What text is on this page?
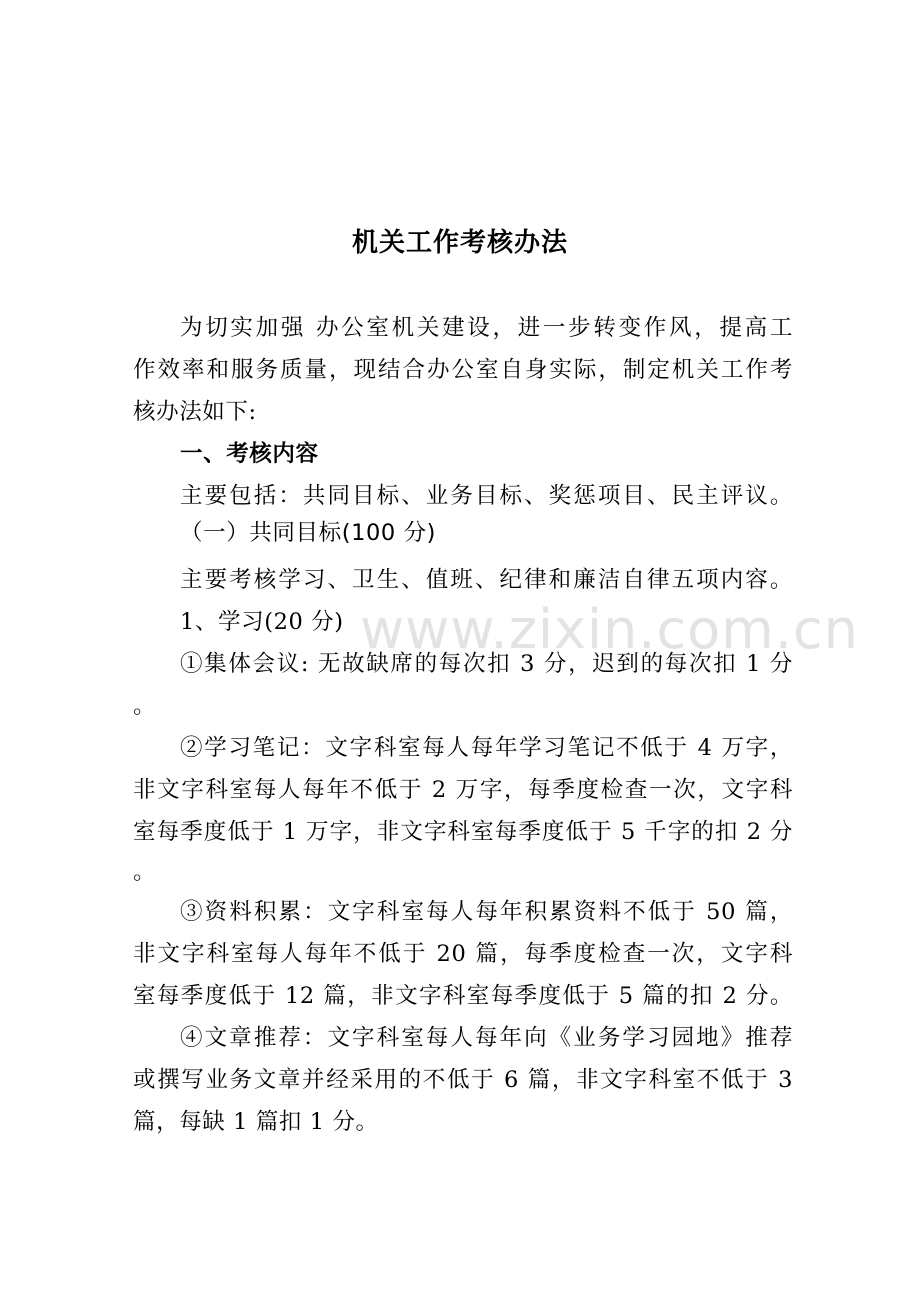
www.zixin.com.cn
机关工作考核办法
为切实加强 办公室机关建设，进一步转变作风，提高工
作效率和服务质量，现结合办公室自身实际，制定机关工作考
核办法如下:
一、考核内容
主要包括：共同目标、业务目标、奖惩项目、民主评议。
（一）共同目标(100 分)
主要考核学习、卫生、值班、纪律和廉洁自律五项内容。
1、学习(20 分)
①集体会议: 无故缺席的每次扣 3 分，迟到的每次扣 1 分
。
②学习笔记：文字科室每人每年学习笔记不低于 4 万字，
非文字科室每人每年不低于 2 万字，每季度检查一次，文字科
室每季度低于 1 万字，非文字科室每季度低于 5 千字的扣 2 分
。
③资料积累：文字科室每人每年积累资料不低于 50 篇，
非文字科室每人每年不低于 20 篇，每季度检查一次，文字科
室每季度低于 12 篇，非文字科室每季度低于 5 篇的扣 2 分。
④文章推荐：文字科室每人每年向《业务学习园地》推荐
或撰写业务文章并经采用的不低于 6 篇，非文字科室不低于 3
篇，每缺 1 篇扣 1 分。
